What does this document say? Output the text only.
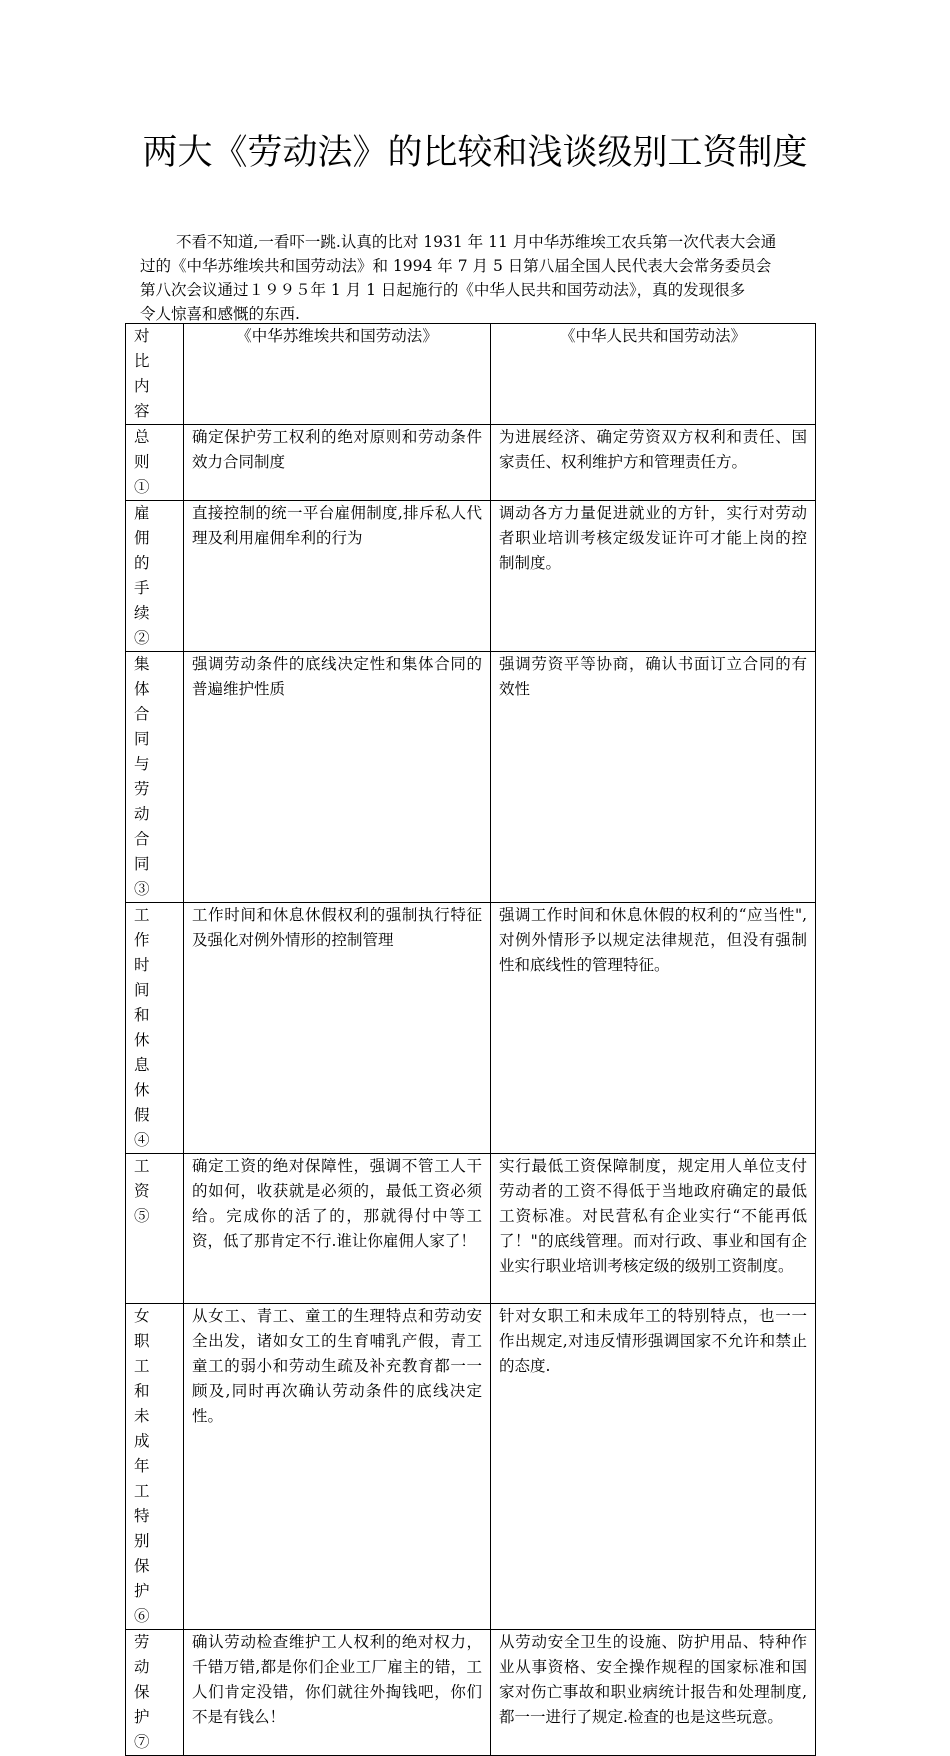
两大《劳动法》的比较和浅谈级别工资制度
不看不知道,一看吓一跳.认真的比对 1931 年 11 月中华苏维埃工农兵第一次代表大会通
过的《中华苏维埃共和国劳动法》和 1994 年 7 月 5 日第八届全国人民代表大会常务委员会
第八次会议通过１９９５年 1 月 1 日起施行的《中华人民共和国劳动法》，真的发现很多
令人惊喜和感慨的东西.
对比内容	《中华苏维埃共和国劳动法》	《中华人民共和国劳动法》
总则①	确定保护劳工权利的绝对原则和劳动条件效力合同制度	为进展经济、确定劳资双方权利和责任、国家责任、权利维护方和管理责任方。
雇佣的手续②	直接控制的统一平台雇佣制度,排斥私人代理及利用雇佣牟利的行为	调动各方力量促进就业的方针，实行对劳动者职业培训考核定级发证许可才能上岗的控制制度。
集体合同与劳动合同③	强调劳动条件的底线决定性和集体合同的普遍维护性质	强调劳资平等协商，确认书面订立合同的有效性
工作时间和休息休假④	工作时间和休息休假权利的强制执行特征及强化对例外情形的控制管理	强调工作时间和休息休假的权利的“应当性",对例外情形予以规定法律规范，但没有强制性和底线性的管理特征。
工资⑤	确定工资的绝对保障性，强调不管工人干的如何，收获就是必须的，最低工资必须给。完成你的活了的，那就得付中等工资，低了那肯定不行.谁让你雇佣人家了！	实行最低工资保障制度，规定用人单位支付劳动者的工资不得低于当地政府确定的最低工资标准。对民营私有企业实行“不能再低了！"的底线管理。而对行政、事业和国有企业实行职业培训考核定级的级别工资制度。
女职工和未成年工特别保护⑥	从女工、青工、童工的生理特点和劳动安全出发，诸如女工的生育哺乳产假，青工童工的弱小和劳动生疏及补充教育都一一顾及,同时再次确认劳动条件的底线决定性。	针对女职工和未成年工的特别特点，也一一作出规定,对违反情形强调国家不允许和禁止的态度.
劳动保护⑦	确认劳动检查维护工人权利的绝对权力，千错万错,都是你们企业工厂雇主的错，工人们肯定没错，你们就往外掏钱吧，你们不是有钱么！	从劳动安全卫生的设施、防护用品、特种作业从事资格、安全操作规程的国家标准和国家对伤亡事故和职业病统计报告和处理制度,都一一进行了规定.检查的也是这些玩意。
